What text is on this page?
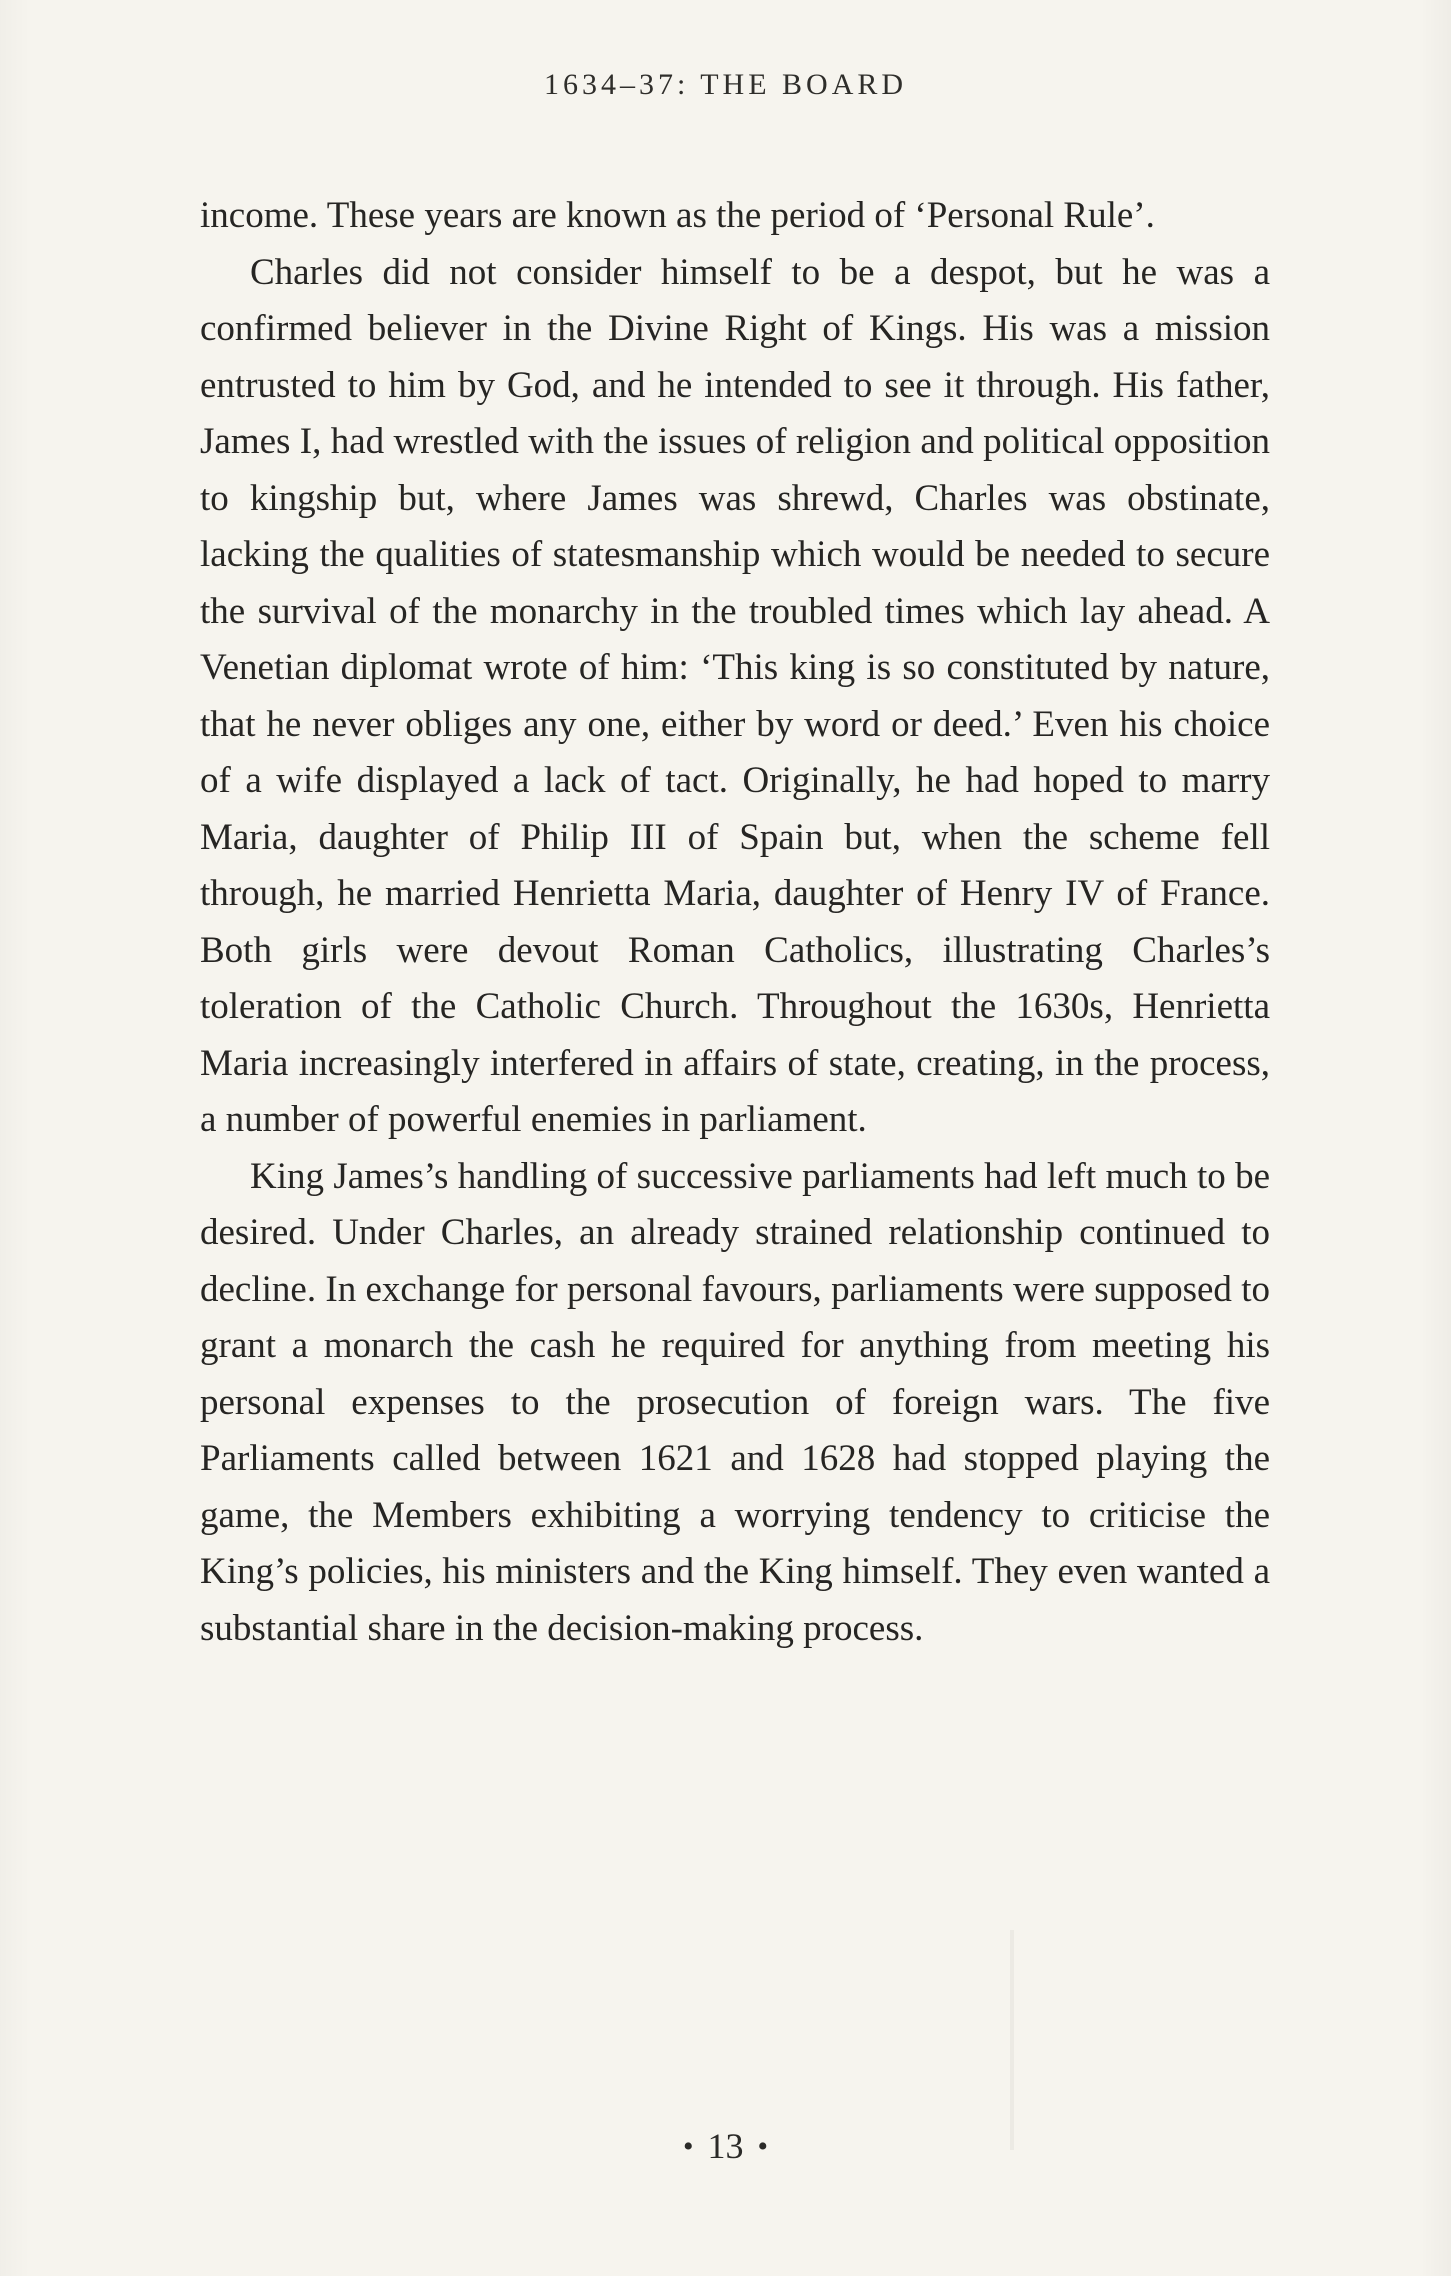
1634–37: THE BOARD

income. These years are known as the period of ‘Personal Rule’.

Charles did not consider himself to be a despot, but he was a confirmed believer in the Divine Right of Kings. His was a mission entrusted to him by God, and he intended to see it through. His father, James I, had wrestled with the issues of religion and political opposition to kingship but, where James was shrewd, Charles was obstinate, lacking the qualities of statesmanship which would be needed to secure the survival of the monarchy in the troubled times which lay ahead. A Venetian diplomat wrote of him: ‘This king is so constituted by nature, that he never obliges any one, either by word or deed.’ Even his choice of a wife displayed a lack of tact. Originally, he had hoped to marry Maria, daughter of Philip III of Spain but, when the scheme fell through, he married Henrietta Maria, daughter of Henry IV of France. Both girls were devout Roman Catholics, illustrating Charles’s toleration of the Catholic Church. Throughout the 1630s, Henrietta Maria increasingly interfered in affairs of state, creating, in the process, a number of powerful enemies in parliament.

King James’s handling of successive parliaments had left much to be desired. Under Charles, an already strained relationship continued to decline. In exchange for personal favours, parliaments were supposed to grant a monarch the cash he required for anything from meeting his personal expenses to the prosecution of foreign wars. The five Parliaments called between 1621 and 1628 had stopped playing the game, the Members exhibiting a worrying tendency to criticise the King’s policies, his ministers and the King himself. They even wanted a substantial share in the decision-making process.

• 13 •
